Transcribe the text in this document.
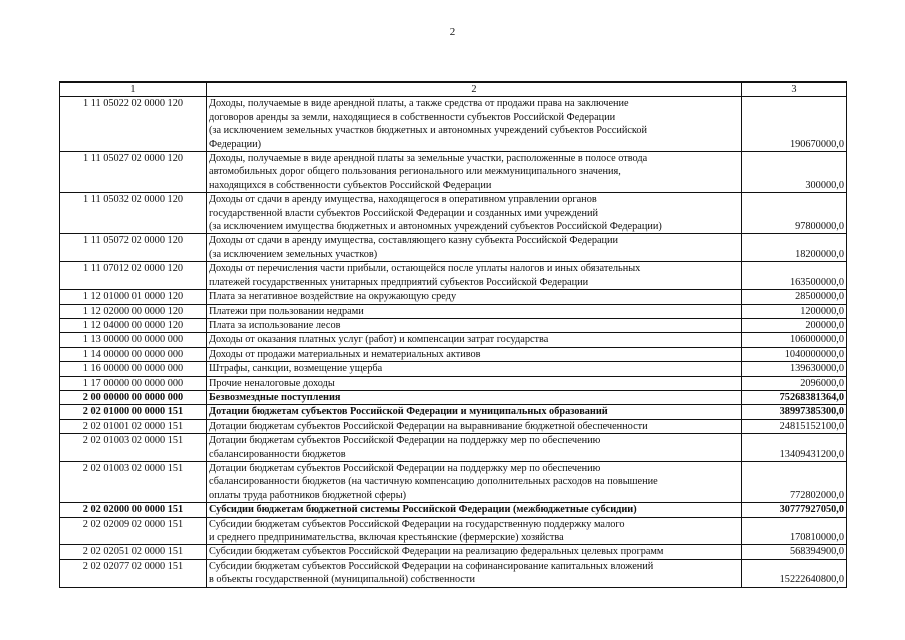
2
1	2	3
1 11 05022 02 0000 120	Доходы, получаемые в виде арендной платы, а также средства от продажи права на заключение
договоров аренды за земли, находящиеся в собственности субъектов Российской Федерации
(за исключением земельных участков бюджетных и автономных учреждений субъектов Российской
Федерации)	190670000,0
1 11 05027 02 0000 120	Доходы, получаемые в виде арендной платы за земельные участки, расположенные в полосе отвода
автомобильных дорог общего пользования регионального или межмуниципального значения,
находящихся в собственности субъектов Российской Федерации	300000,0
1 11 05032 02 0000 120	Доходы от сдачи в аренду имущества, находящегося в оперативном управлении органов
государственной власти субъектов Российской Федерации и созданных ими учреждений
(за исключением имущества бюджетных и автономных учреждений субъектов Российской Федерации)	97800000,0
1 11 05072 02 0000 120	Доходы от сдачи в аренду имущества, составляющего казну субъекта Российской Федерации
(за исключением земельных участков)	18200000,0
1 11 07012 02 0000 120	Доходы от перечисления части прибыли, остающейся после уплаты налогов и иных обязательных
платежей государственных унитарных предприятий субъектов Российской Федерации	163500000,0
1 12 01000 01 0000 120	Плата за негативное воздействие на окружающую среду	28500000,0
1 12 02000 00 0000 120	Платежи при пользовании недрами	1200000,0
1 12 04000 00 0000 120	Плата за использование лесов	200000,0
1 13 00000 00 0000 000	Доходы от оказания платных услуг (работ) и компенсации затрат государства	106000000,0
1 14 00000 00 0000 000	Доходы от продажи материальных и нематериальных активов	1040000000,0
1 16 00000 00 0000 000	Штрафы, санкции, возмещение ущерба	139630000,0
1 17 00000 00 0000 000	Прочие неналоговые доходы	2096000,0
2 00 00000 00 0000 000	Безвозмездные поступления	75268381364,0
2 02 01000 00 0000 151	Дотации бюджетам субъектов Российской Федерации и муниципальных образований	38997385300,0
2 02 01001 02 0000 151	Дотации бюджетам субъектов Российской Федерации на выравнивание бюджетной обеспеченности	24815152100,0
2 02 01003 02 0000 151	Дотации бюджетам субъектов Российской Федерации на поддержку мер по обеспечению
сбалансированности бюджетов	13409431200,0
2 02 01003 02 0000 151	Дотации бюджетам субъектов Российской Федерации на поддержку мер по обеспечению
сбалансированности бюджетов (на частичную компенсацию дополнительных расходов на повышение
оплаты труда работников бюджетной сферы)	772802000,0
2 02 02000 00 0000 151	Субсидии бюджетам бюджетной системы Российской Федерации (межбюджетные субсидии)	30777927050,0
2 02 02009 02 0000 151	Субсидии бюджетам субъектов Российской Федерации на государственную поддержку малого
и среднего предпринимательства, включая крестьянские (фермерские) хозяйства	170810000,0
2 02 02051 02 0000 151	Субсидии бюджетам субъектов Российской Федерации на реализацию федеральных целевых программ	568394900,0
2 02 02077 02 0000 151	Субсидии бюджетам субъектов Российской Федерации на софинансирование капитальных вложений
в объекты государственной (муниципальной) собственности	15222640800,0
